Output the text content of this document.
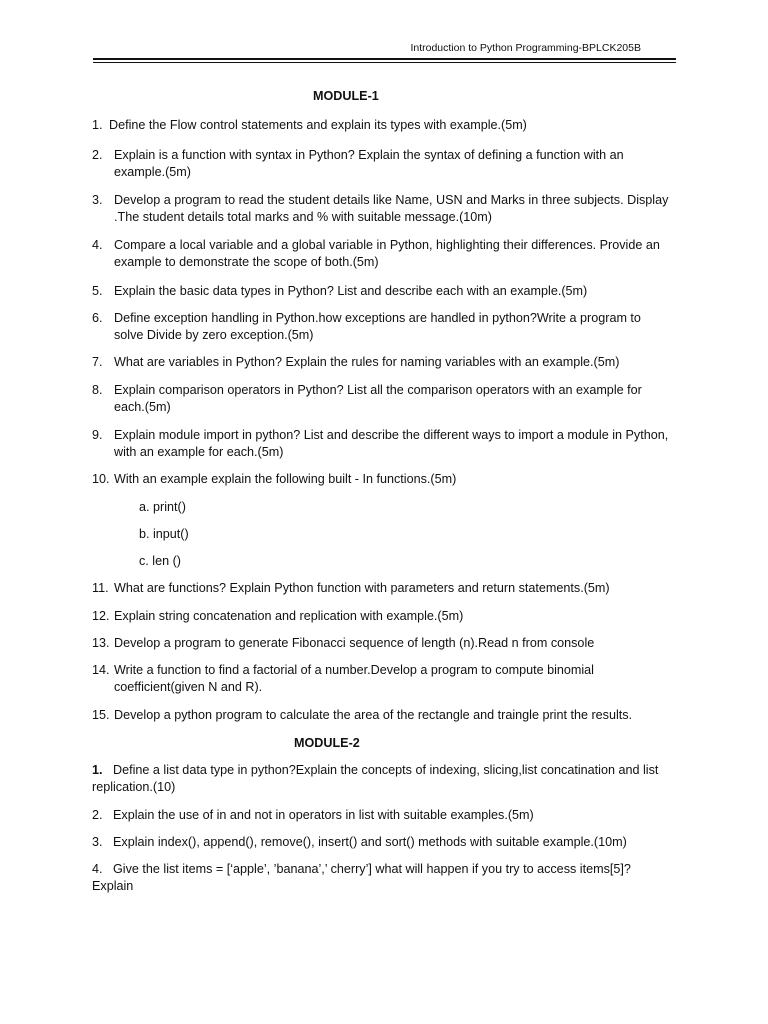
Introduction to Python Programming-BPLCK205B
MODULE-1
1. Define the Flow control statements and explain its types with example.(5m)
2. Explain is a function with syntax in Python? Explain the syntax of defining a function with an example.(5m)
3. Develop a program to read the student details like Name, USN and Marks in three subjects. Display .The student details total marks and % with suitable message.(10m)
4. Compare a local variable and a global variable in Python, highlighting their differences. Provide an example to demonstrate the scope of both.(5m)
5. Explain the basic data types in Python? List and describe each with an example.(5m)
6. Define exception handling in Python.how exceptions are handled in python?Write a program to solve Divide by zero exception.(5m)
7. What are variables in Python? Explain the rules for naming variables with an example.(5m)
8. Explain comparison operators in Python? List all the comparison operators with an example for each.(5m)
9. Explain module import in python? List and describe the different ways to import a module in Python, with an example for each.(5m)
10. With an example explain the following built - In functions.(5m)
a. print()
b. input()
c. len ()
11. What are functions? Explain Python function with parameters and return statements.(5m)
12. Explain string concatenation and replication with example.(5m)
13. Develop a program to generate Fibonacci sequence of length (n).Read n from console
14. Write a function to find a factorial of a number.Develop a program to compute binomial coefficient(given N and R).
15. Develop a python program to calculate the area of the rectangle and traingle print the results.
MODULE-2
1. Define a list data type in python?Explain the concepts of indexing, slicing,list concatination and list replication.(10)
2. Explain the use of in and not in operators in list with suitable examples.(5m)
3. Explain index(), append(), remove(), insert() and sort() methods with suitable example.(10m)
4. Give the list items = [‘apple’, ’banana’,’ cherry’] what will happen if you try to access items[5]? Explain
